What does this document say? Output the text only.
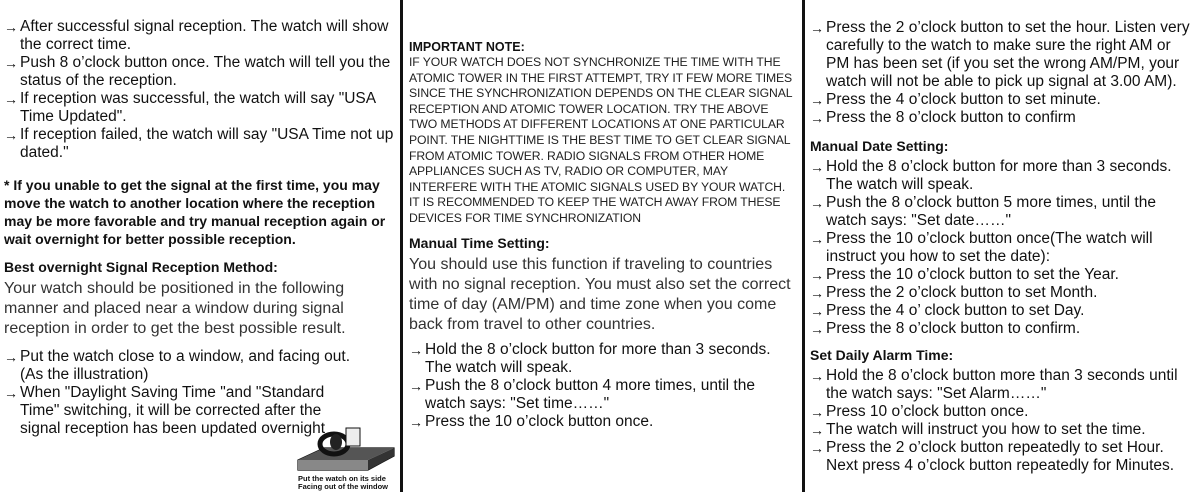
→ After successful signal reception. The watch will show the correct time.
→ Push 8 o’clock button once. The watch will tell you the status of the reception.
→ If reception was successful, the watch will say "USA Time Updated".
→ If reception failed, the watch will say "USA Time not up dated."
* If you unable to get the signal at the first time, you may move the watch to another location where the reception may be more favorable and try manual reception again or wait overnight for better possible reception.
Best overnight Signal Reception Method:
Your watch should be positioned in the following manner and placed near a window during signal reception in order to get the best possible result.
→ Put the watch close to a window, and facing out. (As the illustration)
→ When "Daylight Saving Time "and "Standard Time" switching, it will be corrected after the signal reception has been updated overnight
Put the watch on its side Facing out of the window
IMPORTANT NOTE:
IF YOUR WATCH DOES NOT SYNCHRONIZE THE TIME WITH THE ATOMIC TOWER IN THE FIRST ATTEMPT, TRY IT FEW MORE TIMES SINCE THE SYNCHRONIZATION DEPENDS ON THE CLEAR SIGNAL RECEPTION AND ATOMIC TOWER LOCATION. TRY THE ABOVE TWO METHODS AT DIFFERENT LOCATIONS AT ONE PARTICULAR POINT. THE NIGHTTIME IS THE BEST TIME TO GET CLEAR SIGNAL FROM ATOMIC TOWER. RADIO SIGNALS FROM OTHER HOME APPLIANCES SUCH AS TV, RADIO OR COMPUTER, MAY INTERFERE WITH THE ATOMIC SIGNALS USED BY YOUR WATCH. IT IS RECOMMENDED TO KEEP THE WATCH AWAY FROM THESE DEVICES FOR TIME SYNCHRONIZATION
Manual Time Setting:
You should use this function if traveling to countries with no signal reception. You must also set the correct time of day (AM/PM) and time zone when you come back from travel to other countries.
→ Hold the 8 o’clock button for more than 3 seconds. The watch will speak.
→ Push the 8 o’clock button 4 more times, until the watch says: "Set time……"
→ Press the 10 o’clock button once.
→ Press the 2 o’clock button to set the hour. Listen very carefully to the watch to make sure the right AM or PM has been set (if you set the wrong AM/PM, your watch will not be able to pick up signal at 3.00 AM).
→ Press the 4 o’clock button to set minute.
→ Press the 8 o’clock button to confirm
Manual Date Setting:
→ Hold the 8 o’clock button for more than 3 seconds. The watch will speak.
→ Push the 8 o’clock button 5 more times, until the watch says: "Set date……"
→ Press the 10 o’clock button once(The watch will instruct you how to set the date):
→ Press the 10 o’clock button to set the Year.
→ Press the 2 o’clock button to set Month.
→ Press the 4 o’ clock button to set Day.
→ Press the 8 o’clock button to confirm.
Set Daily Alarm Time:
→ Hold the 8 o’clock button more than 3 seconds until the watch says: "Set Alarm……"
→ Press 10 o’clock button once.
→ The watch will instruct you how to set the time.
→ Press the 2 o’clock button repeatedly to set Hour. Next press 4 o’clock button repeatedly for Minutes.
